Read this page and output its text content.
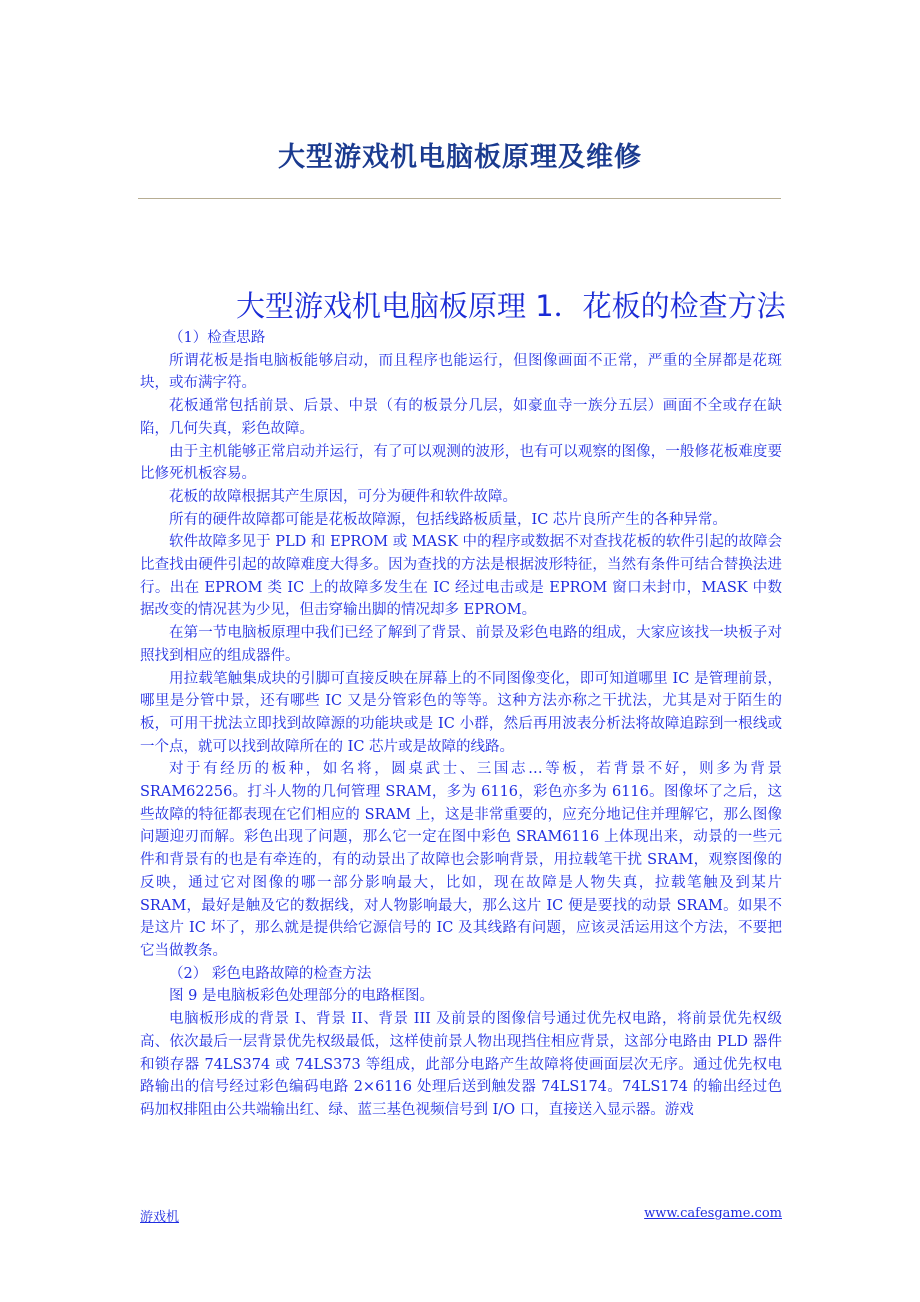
大型游戏机电脑板原理及维修
大型游戏机电脑板原理 1．花板的检查方法

（1）检查思路

所谓花板是指电脑板能够启动，而且程序也能运行，但图像画面不正常，严重的全屏都是花斑块，或布满字符。

花板通常包括前景、后景、中景（有的板景分几层，如豪血寺一族分五层）画面不全或存在缺陷，几何失真，彩色故障。

由于主机能够正常启动并运行，有了可以观测的波形，也有可以观察的图像，一般修花板难度要比修死机板容易。

花板的故障根据其产生原因，可分为硬件和软件故障。

所有的硬件故障都可能是花板故障源，包括线路板质量，IC 芯片良所产生的各种异常。

软件故障多见于 PLD 和 EPROM 或 MASK 中的程序或数据不对查找花板的软件引起的故障会比查找由硬件引起的故障难度大得多。因为查找的方法是根据波形特征，当然有条件可结合替换法进行。出在 EPROM 类 IC 上的故障多发生在 IC 经过电击或是 EPROM 窗口未封巾，MASK 中数据改变的情况甚为少见，但击穿输出脚的情况却多 EPROM。

在第一节电脑板原理中我们已经了解到了背景、前景及彩色电路的组成，大家应该找一块板子对照找到相应的组成器件。

用拉载笔触集成块的引脚可直接反映在屏幕上的不同图像变化，即可知道哪里 IC 是管理前景，哪里是分管中景，还有哪些 IC 又是分管彩色的等等。这种方法亦称之干扰法，尤其是对于陌生的板，可用干扰法立即找到故障源的功能块或是 IC 小群，然后再用波表分析法将故障追踪到一根线或一个点，就可以找到故障所在的 IC 芯片或是故障的线路。

对于有经历的板种，如名将，圆桌武士、三国志…等板，若背景不好，则多为背景 SRAM62256。打斗人物的几何管理 SRAM，多为 6116，彩色亦多为 6116。图像坏了之后，这些故障的特征都表现在它们相应的 SRAM 上，这是非常重要的，应充分地记住并理解它，那么图像问题迎刃而解。彩色出现了问题，那么它一定在图中彩色 SRAM6116 上体现出来，动景的一些元件和背景有的也是有牵连的，有的动景出了故障也会影响背景，用拉载笔干扰 SRAM，观察图像的反映，通过它对图像的哪一部分影响最大，比如，现在故障是人物失真，拉载笔触及到某片 SRAM，最好是触及它的数据线，对人物影响最大，那么这片 IC 便是要找的动景 SRAM。如果不是这片 IC 坏了，那么就是提供给它源信号的 IC 及其线路有问题，应该灵活运用这个方法，不要把它当做教条。

（2） 彩色电路故障的检查方法

图 9 是电脑板彩色处理部分的电路框图。

电脑板形成的背景 I、背景 II、背景 III 及前景的图像信号通过优先权电路，将前景优先权级高、依次最后一层背景优先权级最低，这样使前景人物出现挡住相应背景，这部分电路由 PLD 器件和锁存器 74LS374 或 74LS373 等组成，此部分电路产生故障将使画面层次无序。通过优先权电路输出的信号经过彩色编码电路 2×6116 处理后送到触发器 74LS174。74LS174 的输出经过色码加权排阻由公共端输出红、绿、蓝三基色视频信号到 I/O 口，直接送入显示器。游戏

游戏机	www.cafesgame.com
